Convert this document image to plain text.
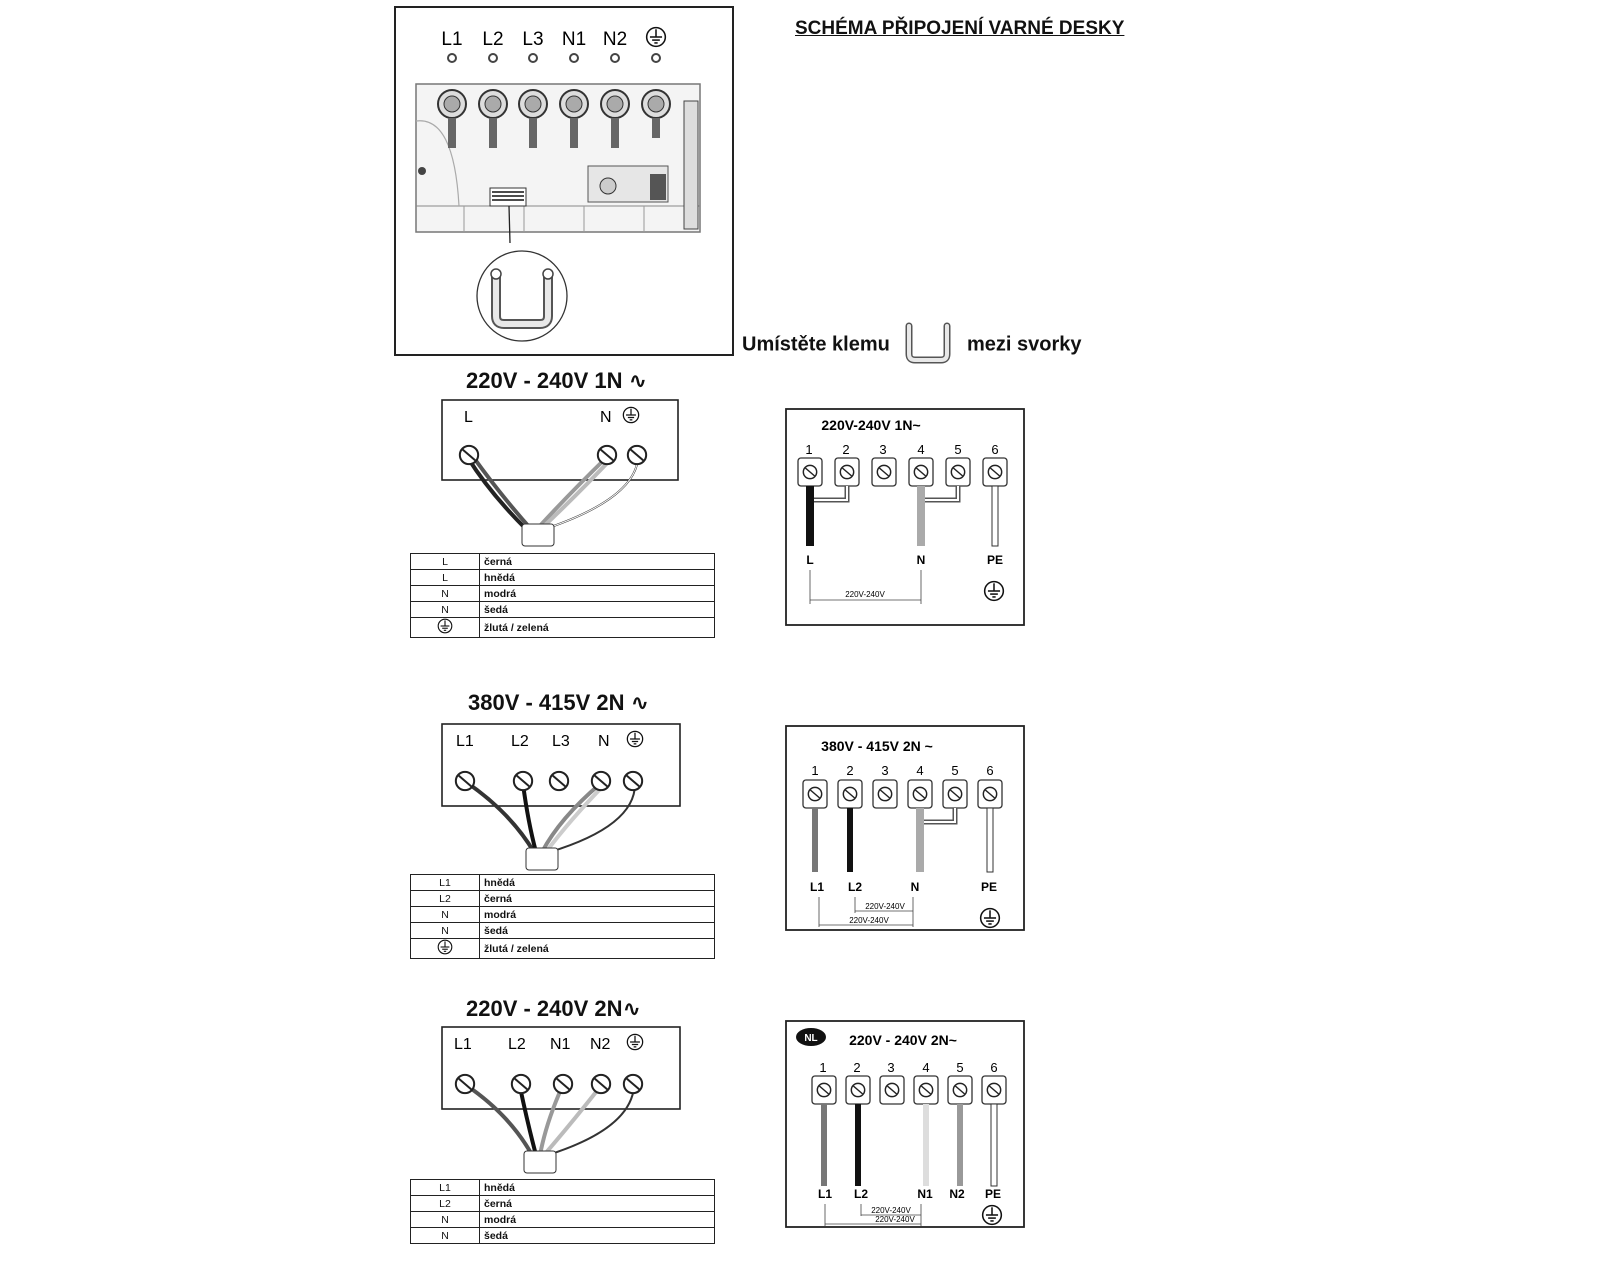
SCHÉMA PŘIPOJENÍ VARNÉ DESKY
L1 L2 L3 N1 N2
Umístěte klemu	mezi svorky
220V - 240V 1N ∿
L	N
L	černá
L	hnědá
N	modrá
N	šedá
	žlutá / zelená
220V-240V 1N~
1 2 3 4 5 6
L	N	PE
220V-240V
380V - 415V 2N ∿
L1 L2 L3 N
L1	hnědá
L2	černá
N	modrá
N	šedá
	žlutá / zelená
380V - 415V 2N ~
1 2 3 4 5 6
L1 L2	N	PE
220V-240V
220V-240V
220V - 240V 2N∿
L1 L2 N1 N2
L1	hnědá
L2	černá
N	modrá
N	šedá
NL 220V - 240V 2N~
1 2 3 4 5 6
L1 L2	N1 N2 PE
220V-240V
220V-240V
